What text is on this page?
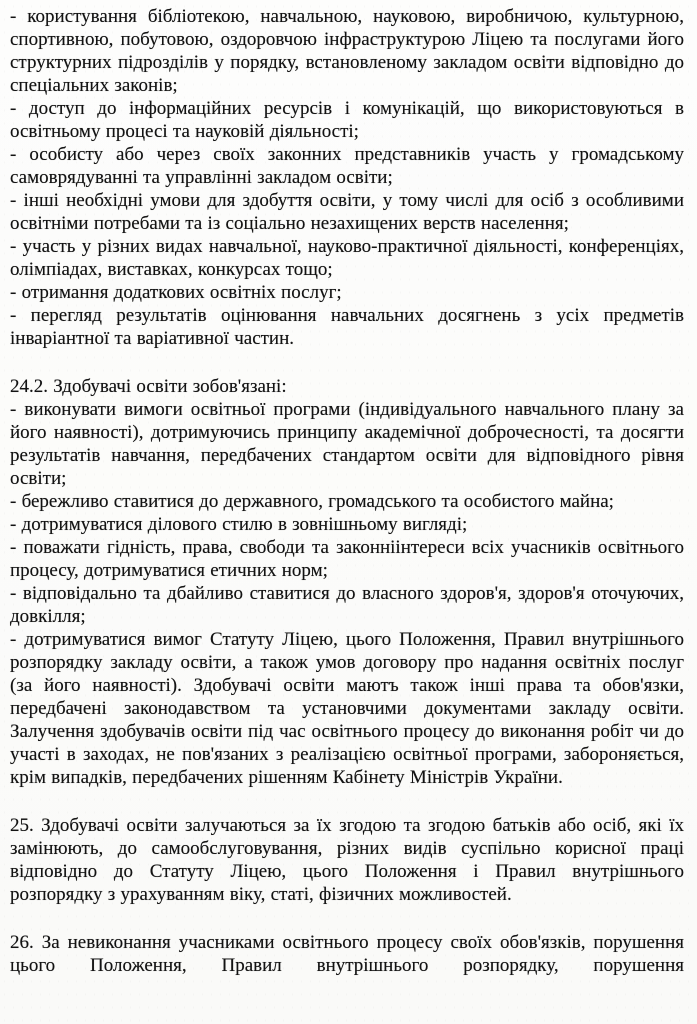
- користування бібліотекою, навчальною, науковою, виробничою, культурною, спортивною, побутовою, оздоровчою інфраструктурою Ліцею та послугами його структурних підрозділів у порядку, встановленому закладом освіти відповідно до спеціальних законів;

- доступ до інформаційних ресурсів і комунікацій, що використовуються в освітньому процесі та науковій діяльності;

- особисту або через своїх законних представників участь у громадському самоврядуванні та управлінні закладом освіти;

- інші необхідні умови для здобуття освіти, у тому числі для осіб з особливими освітніми потребами та із соціально незахищених верств населення;

- участь у різних видах навчальної, науково-практичної діяльності, конференціях, олімпіадах, виставках, конкурсах тощо;

- отримання додаткових освітніх послуг;

- перегляд результатів оцінювання навчальних досягнень з усіх предметів інваріантної та варіативної частин.

24.2. Здобувачі освіти зобов'язані:

- виконувати вимоги освітньої програми (індивідуального навчального плану за його наявності), дотримуючись принципу академічної доброчесності, та досягти результатів навчання, передбачених стандартом освіти для відповідного рівня освіти;

- бережливо ставитися до державного, громадського та особистого майна;

- дотримуватися ділового стилю в зовнішньому вигляді;

- поважати гідність, права, свободи та законніінтереси всіх учасників освітнього процесу, дотримуватися етичних норм;

- відповідально та дбайливо ставитися до власного здоров'я, здоров'я оточуючих, довкілля;

- дотримуватися вимог Статуту Ліцею, цього Положення, Правил внутрішнього розпорядку закладу освіти, а також умов договору про надання освітніх послуг (за його наявності). Здобувачі освіти маютъ також інші права та обов'язки, передбачені законодавством та установчими документами закладу освіти. Залучення здобувачів освіти під час освітнього процесу до виконання робіт чи до участі в заходах, не пов'язаних з реалізацією освітньої програми, забороняється, крім випадків, передбачених рішенням Кабінету Міністрів України.

25. Здобувачі освіти залучаються за їх згодою та згодою батьків або осіб, які їх замінюють, до самообслуговування, різних видів суспільно корисної праці відповідно до Статуту Ліцею, цього Положення і Правил внутрішнього розпорядку з урахуванням віку, статі, фізичних можливостей.

26. За невиконання учасниками освітнього процесу своїх обов'язків, порушення цього Положення, Правил внутрішнього розпорядку, порушення
